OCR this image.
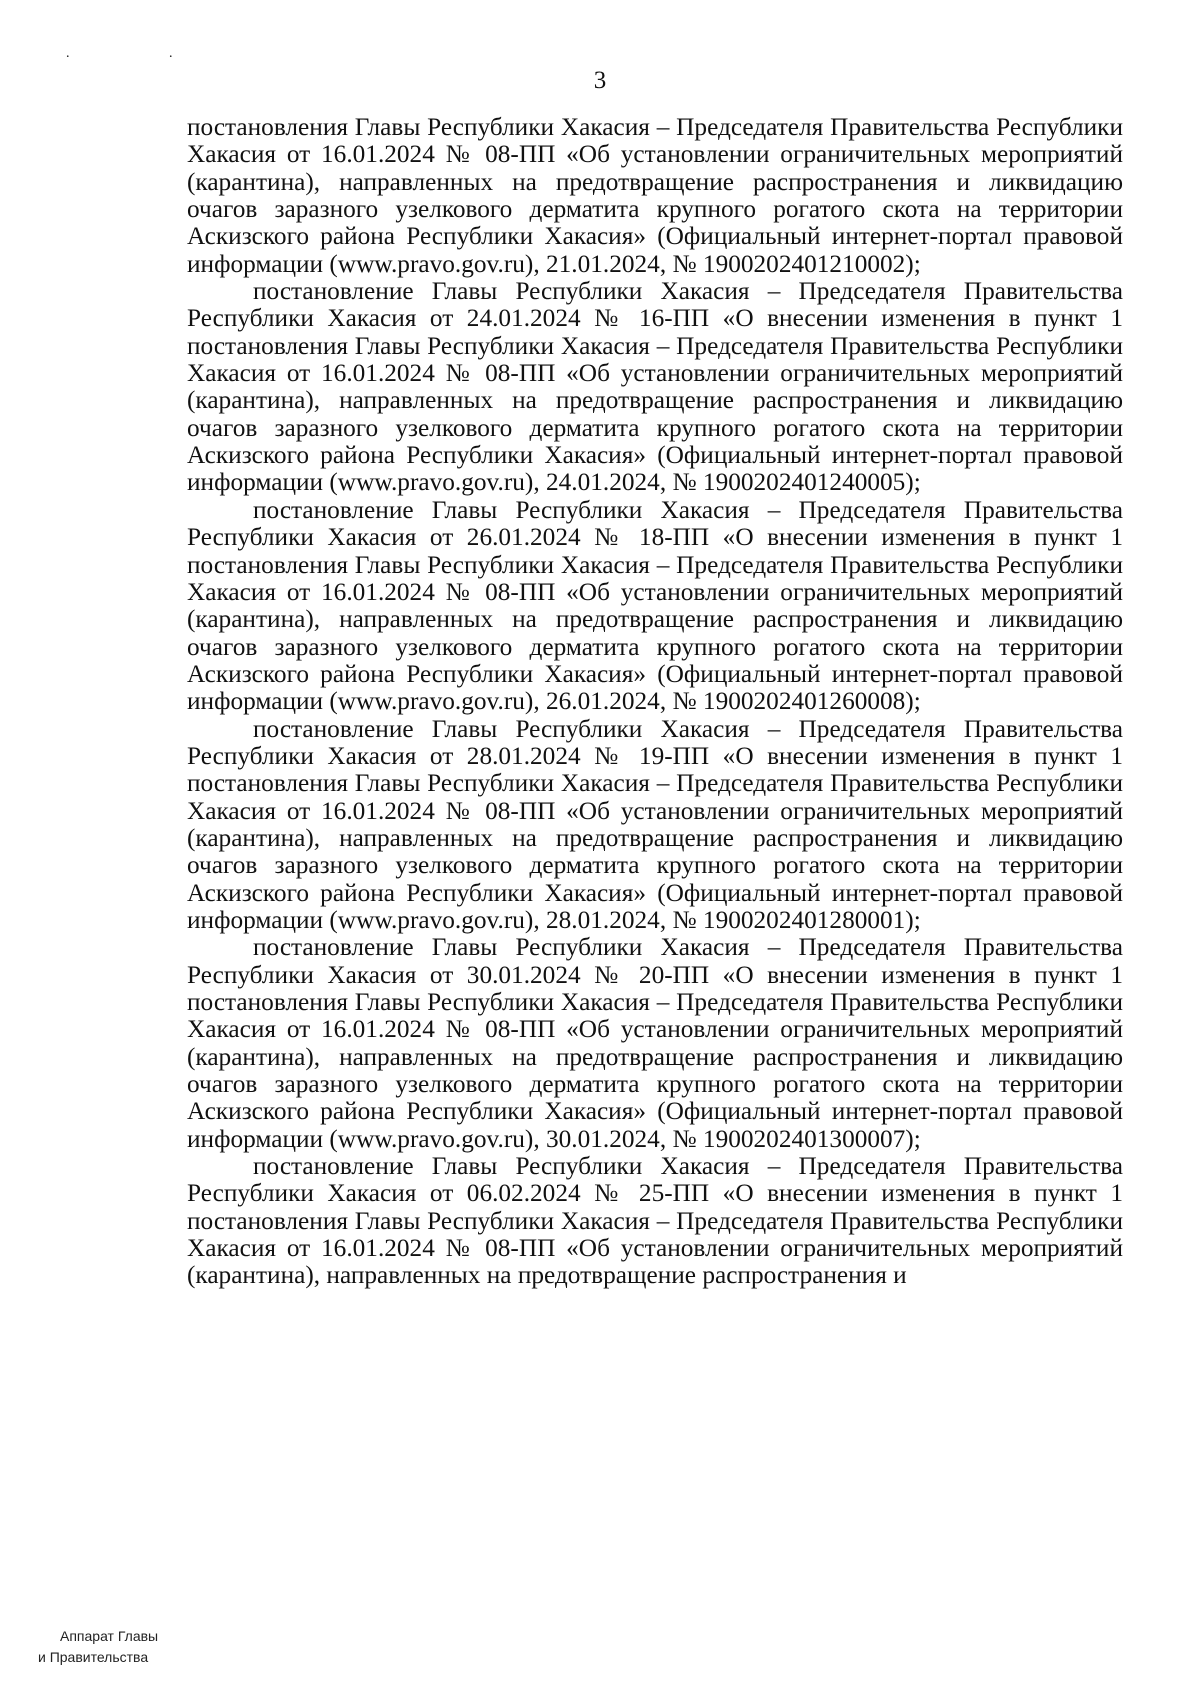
. .
3

постановления Главы Республики Хакасия – Председателя Правительства Республики Хакасия от 16.01.2024 № 08-ПП «Об установлении ограничительных мероприятий (карантина), направленных на предотвращение распространения и ликвидацию очагов заразного узелкового дерматита крупного рогатого скота на территории Аскизского района Республики Хакасия» (Официальный интернет-портал правовой информации (www.pravo.gov.ru), 21.01.2024, № 1900202401210002);

постановление Главы Республики Хакасия – Председателя Правительства Республики Хакасия от 24.01.2024 № 16-ПП «О внесении изменения в пункт 1 постановления Главы Республики Хакасия – Председателя Правительства Республики Хакасия от 16.01.2024 № 08-ПП «Об установлении ограничительных мероприятий (карантина), направленных на предотвращение распространения и ликвидацию очагов заразного узелкового дерматита крупного рогатого скота на территории Аскизского района Республики Хакасия» (Официальный интернет-портал правовой информации (www.pravo.gov.ru), 24.01.2024, № 1900202401240005);

постановление Главы Республики Хакасия – Председателя Правительства Республики Хакасия от 26.01.2024 № 18-ПП «О внесении изменения в пункт 1 постановления Главы Республики Хакасия – Председателя Правительства Республики Хакасия от 16.01.2024 № 08-ПП «Об установлении ограничительных мероприятий (карантина), направленных на предотвращение распространения и ликвидацию очагов заразного узелкового дерматита крупного рогатого скота на территории Аскизского района Республики Хакасия» (Официальный интернет-портал правовой информации (www.pravo.gov.ru), 26.01.2024, № 1900202401260008);

постановление Главы Республики Хакасия – Председателя Правительства Республики Хакасия от 28.01.2024 № 19-ПП «О внесении изменения в пункт 1 постановления Главы Республики Хакасия – Председателя Правительства Республики Хакасия от 16.01.2024 № 08-ПП «Об установлении ограничительных мероприятий (карантина), направленных на предотвращение распространения и ликвидацию очагов заразного узелкового дерматита крупного рогатого скота на территории Аскизского района Республики Хакасия» (Официальный интернет-портал правовой информации (www.pravo.gov.ru), 28.01.2024, № 1900202401280001);

постановление Главы Республики Хакасия – Председателя Правительства Республики Хакасия от 30.01.2024 № 20-ПП «О внесении изменения в пункт 1 постановления Главы Республики Хакасия – Председателя Правительства Республики Хакасия от 16.01.2024 № 08-ПП «Об установлении ограничительных мероприятий (карантина), направленных на предотвращение распространения и ликвидацию очагов заразного узелкового дерматита крупного рогатого скота на территории Аскизского района Республики Хакасия» (Официальный интернет-портал правовой информации (www.pravo.gov.ru), 30.01.2024, № 1900202401300007);

постановление Главы Республики Хакасия – Председателя Правительства Республики Хакасия от 06.02.2024 № 25-ПП «О внесении изменения в пункт 1 постановления Главы Республики Хакасия – Председателя Правительства Республики Хакасия от 16.01.2024 № 08-ПП «Об установлении ограничительных мероприятий (карантина), направленных на предотвращение распространения и

Аппарат Главы
и Правительства
